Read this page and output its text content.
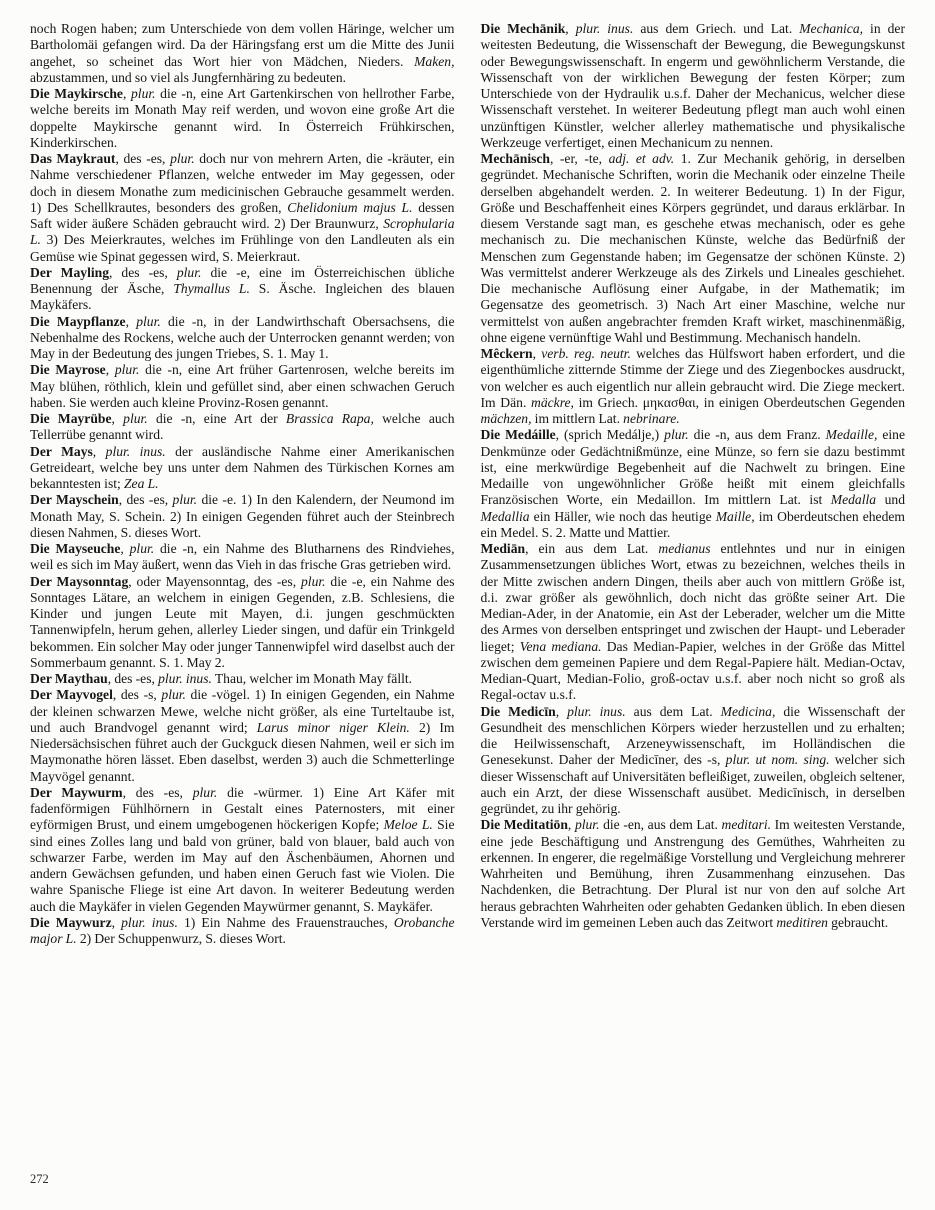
noch Rogen haben; zum Unterschiede von dem vollen Häringe, welcher um Bartholomäi gefangen wird. Da der Häringsfang erst um die Mitte des Junii angehet, so scheinet das Wort hier von Mädchen, Nieders. Maken, abzustammen, und so viel als Jungfernhäring zu bedeuten.

Die Maykirsche, plur. die -n, eine Art Gartenkirschen von hellrother Farbe, welche bereits im Monath May reif werden, und wovon eine große Art die doppelte Maykirsche genannt wird. In Österreich Frühkirschen, Kinderkirschen.

Das Maykraut, des -es, plur. doch nur von mehrern Arten, die -kräuter, ein Nahme verschiedener Pflanzen, welche entweder im May gegessen, oder doch in diesem Monathe zum medicinischen Gebrauche gesammelt werden. 1) Des Schellkrautes, besonders des großen, Chelidonium majus L. dessen Saft wider äußere Schäden gebraucht wird. 2) Der Braunwurz, Scrophularia L. 3) Des Meierkrautes, welches im Frühlinge von den Landleuten als ein Gemüse wie Spinat gegessen wird, S. Meierkraut.

Der Mayling, des -es, plur. die -e, eine im Österreichischen übliche Benennung der Äsche, Thymallus L. S. Äsche. Ingleichen des blauen Maykäfers.

Die Maypflanze, plur. die -n, in der Landwirthschaft Obersachsens, die Nebenhalme des Rockens, welche auch der Unterrocken genannt werden; von May in der Bedeutung des jungen Triebes, S. 1. May 1.

Die Mayrose, plur. die -n, eine Art früher Gartenrosen, welche bereits im May blühen, röthlich, klein und gefüllet sind, aber einen schwachen Geruch haben. Sie werden auch kleine Provinz-Rosen genannt.

Die Mayrübe, plur. die -n, eine Art der Brassica Rapa, welche auch Tellerrübe genannt wird.

Der Mays, plur. inus. der ausländische Nahme einer Amerikanischen Getreideart, welche bey uns unter dem Nahmen des Türkischen Kornes am bekanntesten ist; Zea L.

Der Mayschein, des -es, plur. die -e. 1) In den Kalendern, der Neumond im Monath May, S. Schein. 2) In einigen Gegenden führet auch der Steinbrech diesen Nahmen, S. dieses Wort.

Die Mayseuche, plur. die -n, ein Nahme des Blutharnens des Rindviehes, weil es sich im May äußert, wenn das Vieh in das frische Gras getrieben wird.

Der Maysonntag, oder Mayensonntag, des -es, plur. die -e, ein Nahme des Sonntages Lätare, an welchem in einigen Gegenden, z.B. Schlesiens, die Kinder und jungen Leute mit Mayen, d.i. jungen geschmückten Tannenwipfeln, herum gehen, allerley Lieder singen, und dafür ein Trinkgeld bekommen. Ein solcher May oder junger Tannenwipfel wird daselbst auch der Sommerbaum genannt. S. 1. May 2.

Der Maythau, des -es, plur. inus. Thau, welcher im Monath May fällt.

Der Mayvogel, des -s, plur. die -vögel. 1) In einigen Gegenden, ein Nahme der kleinen schwarzen Mewe, welche nicht größer, als eine Turteltaube ist, und auch Brandvogel genannt wird; Larus minor niger Klein. 2) Im Niedersächsischen führet auch der Guckguck diesen Nahmen, weil er sich im Maymonathe hören lässet. Eben daselbst, werden 3) auch die Schmetterlinge Mayvögel genannt.

Der Maywurm, des -es, plur. die -würmer. 1) Eine Art Käfer mit fadenförmigen Fühlhörnern in Gestalt eines Paternosters, mit einer eyförmigen Brust, und einem umgebogenen höckerigen Kopfe; Meloe L. Sie sind eines Zolles lang und bald von grüner, bald von blauer, bald auch von schwarzer Farbe, werden im May auf den Äschenbäumen, Ahornen und andern Gewächsen gefunden, und haben einen Geruch fast wie Violen. Die wahre Spanische Fliege ist eine Art davon. In weiterer Bedeutung werden auch die Maykäfer in vielen Gegenden Maywürmer genannt, S. Maykäfer.

Die Maywurz, plur. inus. 1) Ein Nahme des Frauenstrauches, Orobanche major L. 2) Der Schuppenwurz, S. dieses Wort.

Die Mechānik, plur. inus. aus dem Griech. und Lat. Mechanica, in der weitesten Bedeutung, die Wissenschaft der Bewegung, die Bewegungskunst oder Bewegungswissenschaft. In engerm und gewöhnlicherm Verstande, die Wissenschaft von der wirklichen Bewegung der festen Körper; zum Unterschiede von der Hydraulik u.s.f. Daher der Mechanicus, welcher diese Wissenschaft verstehet. In weiterer Bedeutung pflegt man auch wohl einen unzünftigen Künstler, welcher allerley mathematische und physikalische Werkzeuge verfertiget, einen Mechanicum zu nennen.

Mechānisch, -er, -te, adj. et adv. 1. Zur Mechanik gehörig, in derselben gegründet. Mechanische Schriften, worin die Mechanik oder einzelne Theile derselben abgehandelt werden. 2. In weiterer Bedeutung. 1) In der Figur, Größe und Beschaffenheit eines Körpers gegründet, und daraus erklärbar. In diesem Verstande sagt man, es geschehe etwas mechanisch, oder es gehe mechanisch zu. Die mechanischen Künste, welche das Bedürfniß der Menschen zum Gegenstande haben; im Gegensatze der schönen Künste. 2) Was vermittelst anderer Werkzeuge als des Zirkels und Lineales geschiehet. Die mechanische Auflösung einer Aufgabe, in der Mathematik; im Gegensatze des geometrisch. 3) Nach Art einer Maschine, welche nur vermittelst von außen angebrachter fremden Kraft wirket, maschinenmäßig, ohne eigene vernünftige Wahl und Bestimmung. Mechanisch handeln.

Mêckern, verb. reg. neutr. welches das Hülfswort haben erfordert, und die eigenthümliche zitternde Stimme der Ziege und des Ziegenbockes ausdruckt, von welcher es auch eigentlich nur allein gebraucht wird. Die Ziege meckert. Im Dän. mäckre, im Griech. μηκασθαι, in einigen Oberdeutschen Gegenden mächzen, im mittlern Lat. nebrinare.

Die Medáille, (sprich Medálje,) plur. die -n, aus dem Franz. Medaille, eine Denkmünze oder Gedächtnißmünze, eine Münze, so fern sie dazu bestimmt ist, eine merkwürdige Begebenheit auf die Nachwelt zu bringen. Eine Medaille von ungewöhnlicher Größe heißt mit einem gleichfalls Französischen Worte, ein Medaillon. Im mittlern Lat. ist Medalla und Medallia ein Häller, wie noch das heutige Maille, im Oberdeutschen ehedem ein Medel. S. 2. Matte und Mattier.

Mediān, ein aus dem Lat. medianus entlehntes und nur in einigen Zusammensetzungen übliches Wort, etwas zu bezeichnen, welches theils in der Mitte zwischen andern Dingen, theils aber auch von mittlern Größe ist, d.i. zwar größer als gewöhnlich, doch nicht das größte seiner Art. Die Median-Ader, in der Anatomie, ein Ast der Leberader, welcher um die Mitte des Armes von derselben entspringet und zwischen der Haupt- und Leberader lieget; Vena mediana. Das Median-Papier, welches in der Größe das Mittel zwischen dem gemeinen Papiere und dem Regal-Papiere hält. Median-Octav, Median-Quart, Median-Folio, groß-octav u.s.f. aber noch nicht so groß als Regal-octav u.s.f.

Die Medicīn, plur. inus. aus dem Lat. Medicina, die Wissenschaft der Gesundheit des menschlichen Körpers wieder herzustellen und zu erhalten; die Heilwissenschaft, Arzeneywissenschaft, im Holländischen die Genesekunst. Daher der Medicīner, des -s, plur. ut nom. sing. welcher sich dieser Wissenschaft auf Universitäten befleißiget, zuweilen, obgleich seltener, auch ein Arzt, der diese Wissenschaft ausübet. Medicīnisch, in derselben gegründet, zu ihr gehörig.

Die Meditatiōn, plur. die -en, aus dem Lat. meditari. Im weitesten Verstande, eine jede Beschäftigung und Anstrengung des Gemüthes, Wahrheiten zu erkennen. In engerer, die regelmäßige Vorstellung und Vergleichung mehrerer Wahrheiten und Bemühung, ihren Zusammenhang einzusehen. Das Nachdenken, die Betrachtung. Der Plural ist nur von den auf solche Art heraus gebrachten Wahrheiten oder gehabten Gedanken üblich. In eben diesen Verstande wird im gemeinen Leben auch das Zeitwort meditiren gebraucht.

272
